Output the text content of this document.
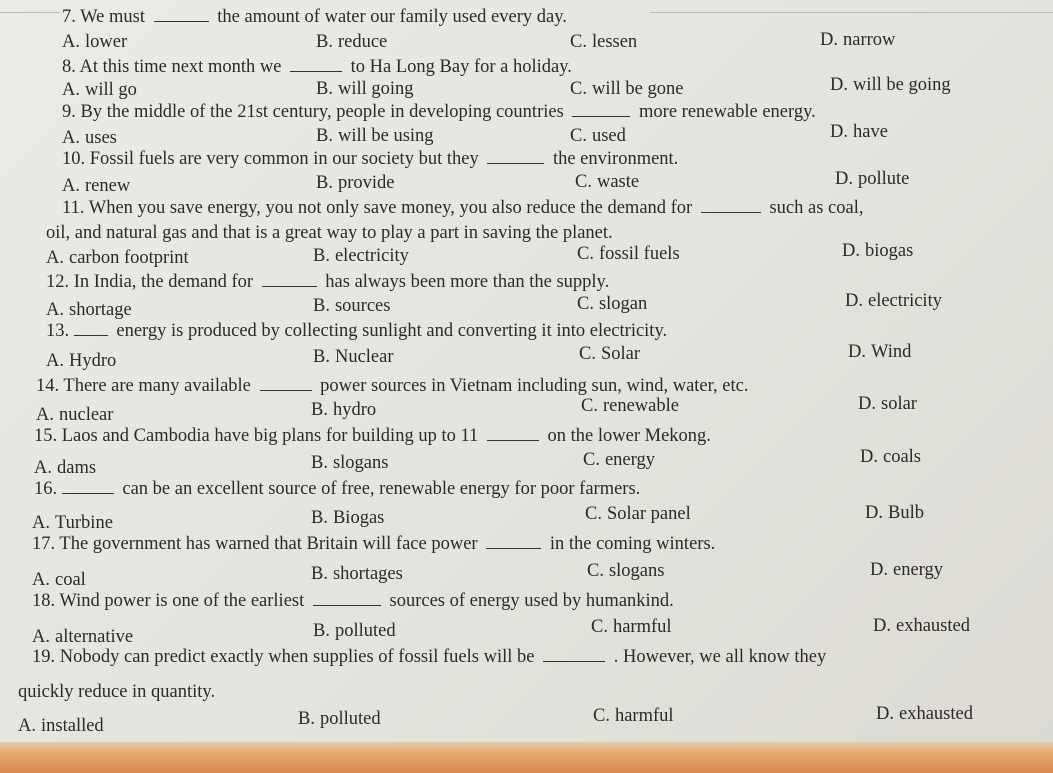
7. We must	the amount of water our family used every day.
A. lower	B. reduce	C. lessen	D. narrow
8. At this time next month we	to Ha Long Bay for a holiday.
A. will go	B. will going	C. will be gone	D. will be going
9. By the middle of the 21st century, people in developing countries	more renewable energy.
A. uses	B. will be using	C. used	D. have
10. Fossil fuels are very common in our society but they	the environment.
A. renew	B. provide	C. waste	D. pollute
11. When you save energy, you not only save money, you also reduce the demand for	such as coal,
oil, and natural gas and that is a great way to play a part in saving the planet.
A. carbon footprint	B. electricity	C. fossil fuels	D. biogas
12. In India, the demand for	has always been more than the supply.
A. shortage	B. sources	C. slogan	D. electricity
13.	energy is produced by collecting sunlight and converting it into electricity.
A. Hydro	B. Nuclear	C. Solar	D. Wind
14. There are many available	power sources in Vietnam including sun, wind, water, etc.
A. nuclear	B. hydro	C. renewable	D. solar
15. Laos and Cambodia have big plans for building up to 11	on the lower Mekong.
A. dams	B. slogans	C. energy	D. coals
16.	can be an excellent source of free, renewable energy for poor farmers.
A. Turbine	B. Biogas	C. Solar panel	D. Bulb
17. The government has warned that Britain will face power	in the coming winters.
A. coal	B. shortages	C. slogans	D. energy
18. Wind power is one of the earliest	sources of energy used by humankind.
A. alternative	B. polluted	C. harmful	D. exhausted
19. Nobody can predict exactly when supplies of fossil fuels will be	. However, we all know they
quickly reduce in quantity.
A. installed	B. polluted	C. harmful	D. exhausted
